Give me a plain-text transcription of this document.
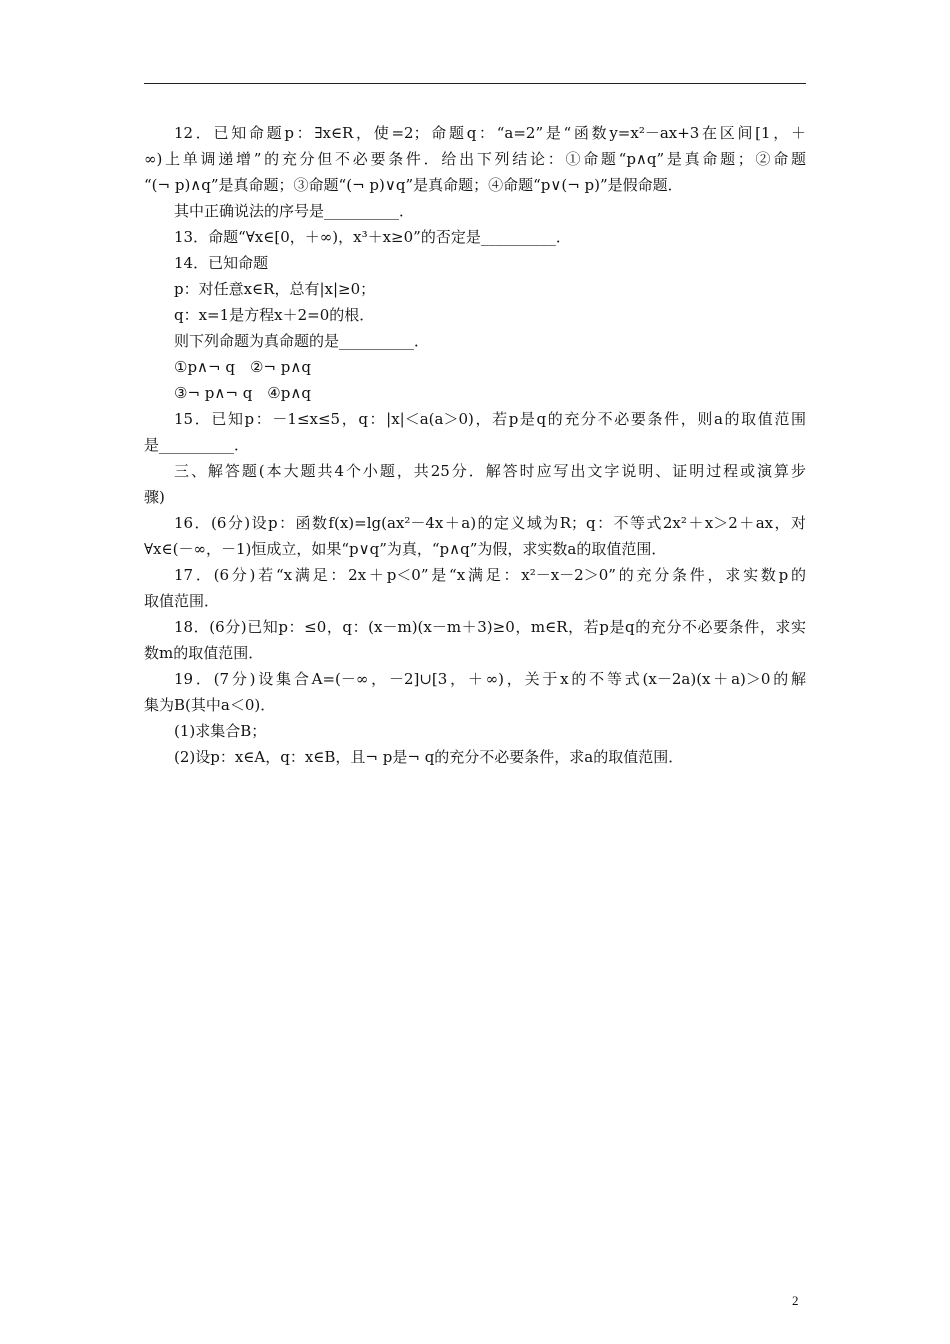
12．已知命题p：∃x∈R，使=2；命题q：“a=2”是“函数y=x²－ax+3在区间[1，＋
∞)上单调递增”的充分但不必要条件．给出下列结论：①命题“p∧q”是真命题；②命题
“(¬ p)∧q”是真命题；③命题“(¬ p)∨q”是真命题；④命题“p∨(¬ p)”是假命题．
其中正确说法的序号是__________．
13．命题“∀x∈[0，＋∞)，x³＋x≥0”的否定是__________．
14．已知命题
p：对任意x∈R，总有|x|≥0；
q：x=1是方程x＋2=0的根．
则下列命题为真命题的是__________．
①p∧¬ q　②¬ p∧q
③¬ p∧¬ q　④p∧q
15．已知p：－1≤x≤5，q：|x|＜a(a＞0)，若p是q的充分不必要条件，则a的取值范围
是__________．
三、解答题(本大题共4个小题，共25分．解答时应写出文字说明、证明过程或演算步
骤)
16．(6分)设p：函数f(x)=lg(ax²－4x＋a)的定义域为R；q：不等式2x²＋x＞2＋ax，对
∀x∈(－∞，－1)恒成立，如果“p∨q”为真，“p∧q”为假，求实数a的取值范围．
17．(6分)若“x满足：2x＋p＜0”是“x满足：x²－x－2＞0”的充分条件，求实数p的
取值范围．
18．(6分)已知p：≤0，q：(x－m)(x－m＋3)≥0，m∈R，若p是q的充分不必要条件，求实
数m的取值范围．
19．(7分)设集合A=(－∞，－2]∪[3，＋∞)，关于x的不等式(x－2a)(x＋a)＞0的解
集为B(其中a＜0)．
(1)求集合B；
(2)设p：x∈A，q：x∈B，且¬ p是¬ q的充分不必要条件，求a的取值范围．
2
